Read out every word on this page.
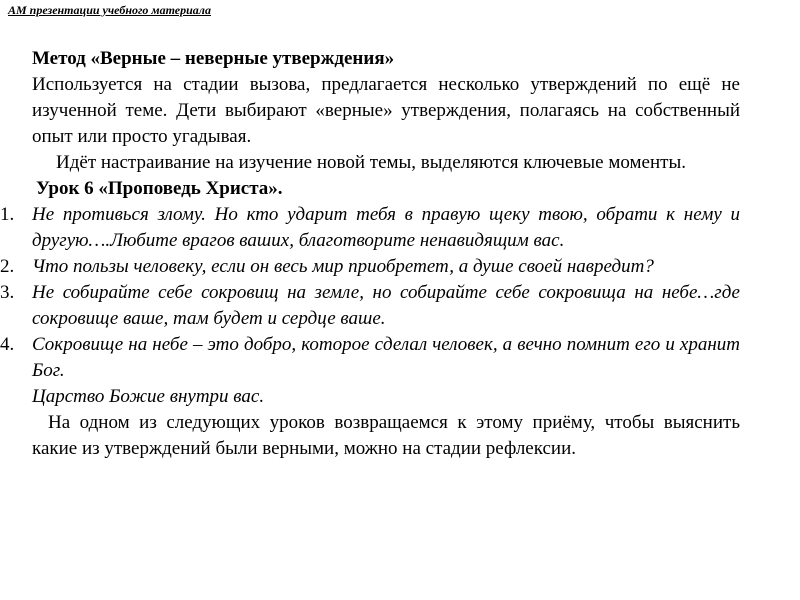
АМ презентации учебного материала

Метод «Верные – неверные утверждения»

Используется на стадии вызова, предлагается несколько утверждений по ещё не изученной теме. Дети выбирают «верные» утверждения, полагаясь на собственный опыт или просто угадывая.

Идёт настраивание на изучение новой темы, выделяются ключевые моменты.

Урок 6 «Проповедь Христа».

1. Не противься злому. Но кто ударит тебя в правую щеку твою, обрати к нему и другую….Любите врагов ваших, благотворите ненавидящим вас.
2. Что пользы человеку, если он весь мир приобретет, а душе своей навредит?
3. Не собирайте себе сокровищ на земле, но собирайте себе сокровища на небе…где сокровище ваше, там будет и сердце ваше.
4. Сокровище на небе – это добро, которое сделал человек, а вечно помнит его и хранит Бог.

Царство Божие внутри вас.

На одном из следующих уроков возвращаемся к этому приёму, чтобы выяснить какие из утверждений были верными, можно на стадии рефлексии.
